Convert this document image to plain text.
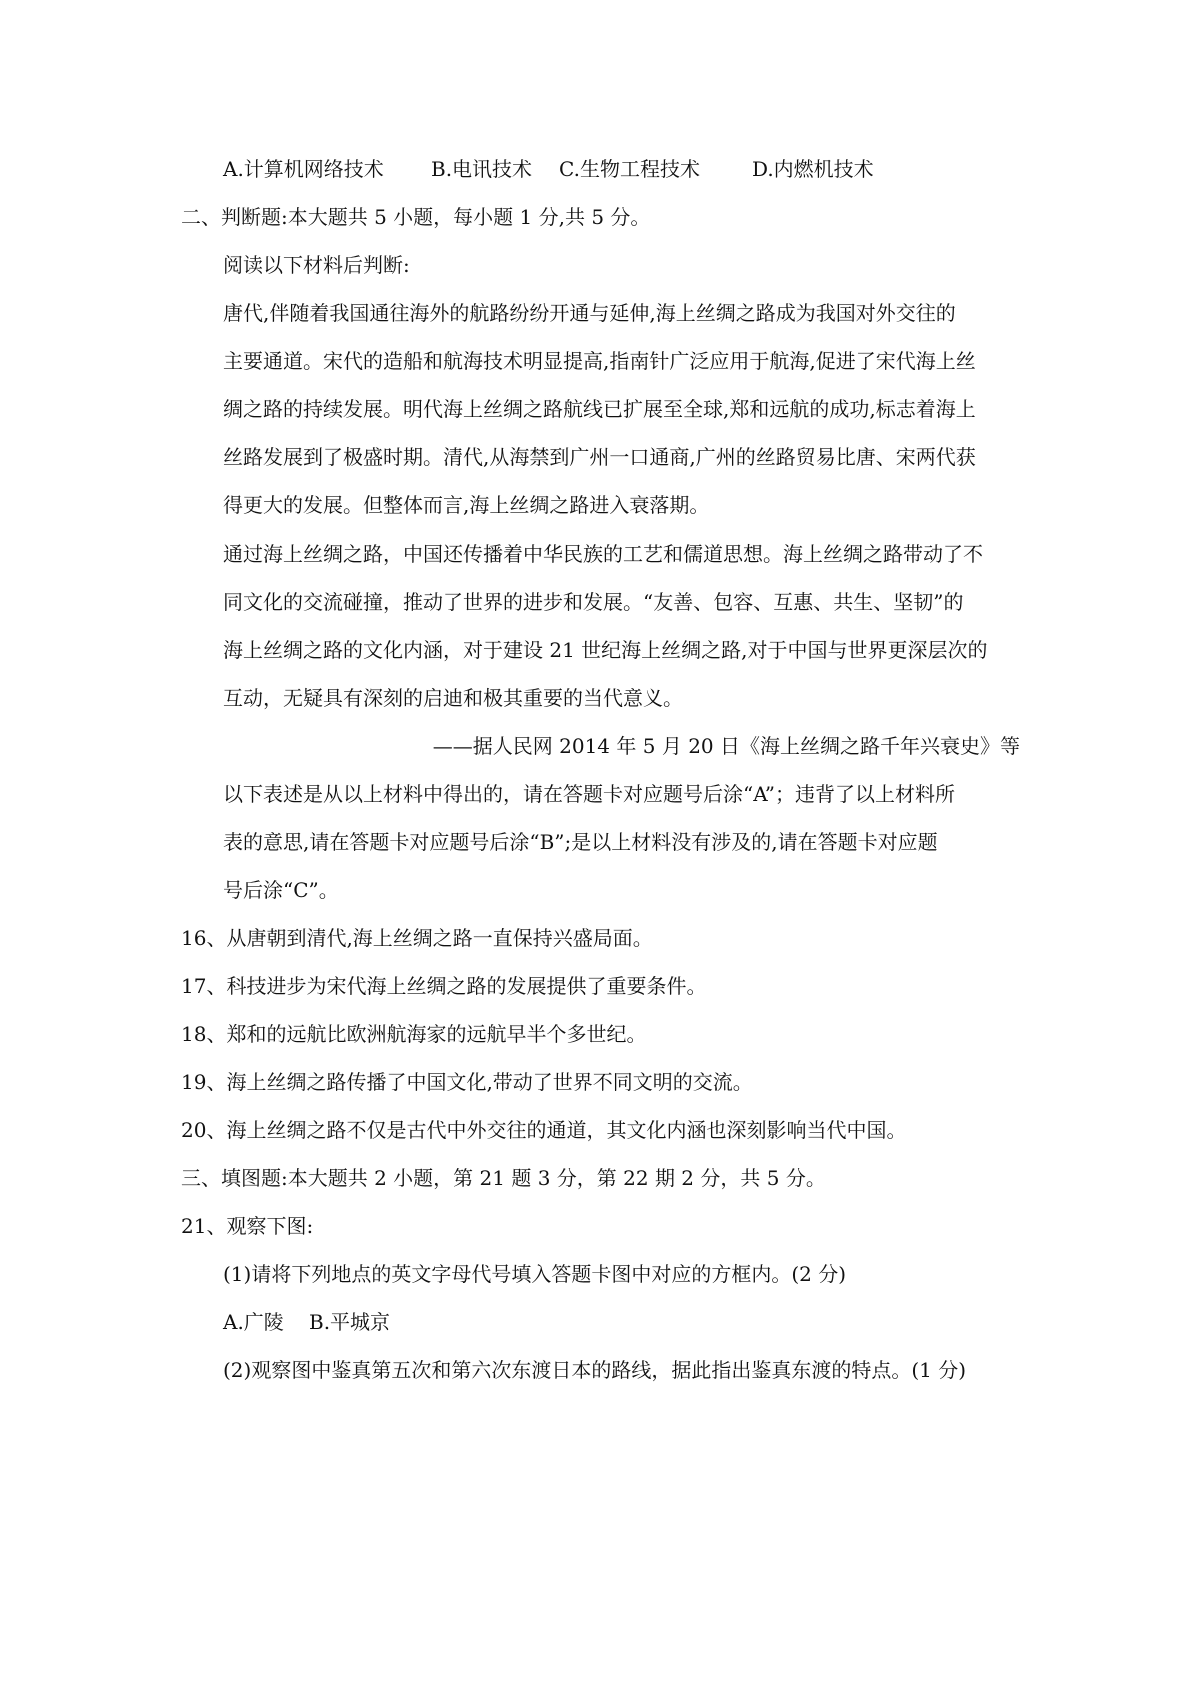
A.计算机网络技术 B.电讯技术 C.生物工程技术	D.内燃机技术
二、判断题:本大题共 5 小题，每小题 1 分,共 5 分。
阅读以下材料后判断:
唐代,伴随着我国通往海外的航路纷纷开通与延伸,海上丝绸之路成为我国对外交往的
主要通道。宋代的造船和航海技术明显提高,指南针广泛应用于航海,促进了宋代海上丝
绸之路的持续发展。明代海上丝绸之路航线已扩展至全球,郑和远航的成功,标志着海上
丝路发展到了极盛时期。清代,从海禁到广州一口通商,广州的丝路贸易比唐、宋两代获
得更大的发展。但整体而言,海上丝绸之路进入衰落期。
通过海上丝绸之路，中国还传播着中华民族的工艺和儒道思想。海上丝绸之路带动了不
同文化的交流碰撞，推动了世界的进步和发展。“友善、包容、互惠、共生、坚韧”的
海上丝绸之路的文化内涵，对于建设 21 世纪海上丝绸之路,对于中国与世界更深层次的
互动，无疑具有深刻的启迪和极其重要的当代意义。
——据人民网 2014 年 5 月 20 日《海上丝绸之路千年兴衰史》等
以下表述是从以上材料中得出的，请在答题卡对应题号后涂“A”；违背了以上材料所
表的意思,请在答题卡对应题号后涂“B”;是以上材料没有涉及的,请在答题卡对应题
号后涂“C”。
16、从唐朝到清代,海上丝绸之路一直保持兴盛局面。
17、科技进步为宋代海上丝绸之路的发展提供了重要条件。
18、郑和的远航比欧洲航海家的远航早半个多世纪。
19、海上丝绸之路传播了中国文化,带动了世界不同文明的交流。
20、海上丝绸之路不仅是古代中外交往的通道，其文化内涵也深刻影响当代中国。
三、填图题:本大题共 2 小题，第 21 题 3 分，第 22 期 2 分，共 5 分。
21、观察下图:
(1)请将下列地点的英文字母代号填入答题卡图中对应的方框内。(2 分)
A.广陵 B.平城京
(2)观察图中鉴真第五次和第六次东渡日本的路线，据此指出鉴真东渡的特点。(1 分)
